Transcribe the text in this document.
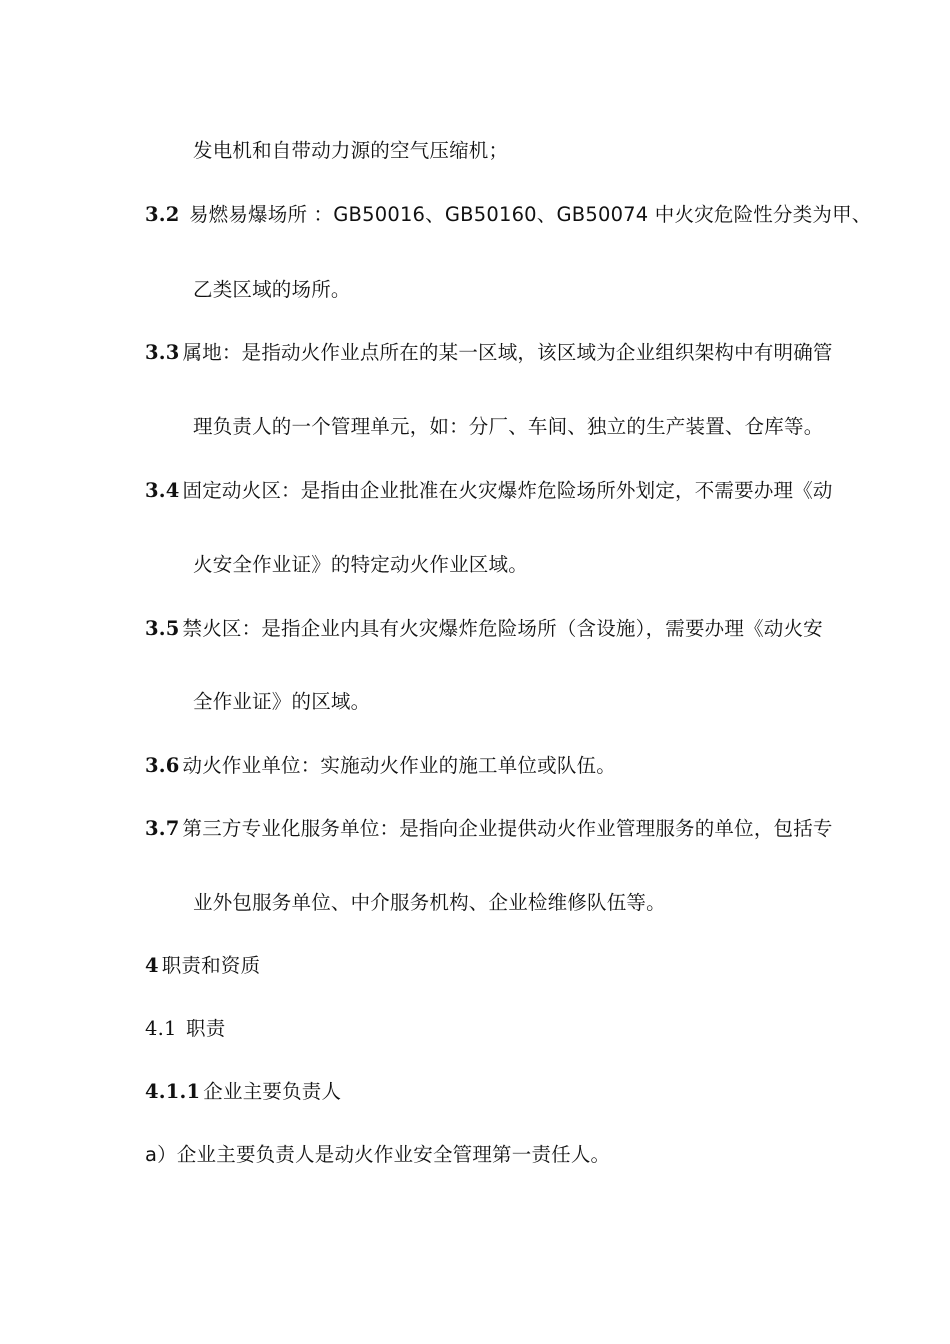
发电机和自带动力源的空气压缩机；
3.2 易燃易爆场所 ：GB50016、GB50160、GB50074 中火灾危险性分类为甲、
乙类区域的场所。
3.3 属地：是指动火作业点所在的某一区域，该区域为企业组织架构中有明确管
理负责人的一个管理单元，如：分厂、车间、独立的生产装置、仓库等。
3.4 固定动火区：是指由企业批准在火灾爆炸危险场所外划定，不需要办理《动
火安全作业证》的特定动火作业区域。
3.5 禁火区：是指企业内具有火灾爆炸危险场所（含设施），需要办理《动火安
全作业证》的区域。
3.6 动火作业单位：实施动火作业的施工单位或队伍。
3.7 第三方专业化服务单位：是指向企业提供动火作业管理服务的单位，包括专
业外包服务单位、中介服务机构、企业检维修队伍等。
4 职责和资质
4.1 职责
4.1.1 企业主要负责人
a）企业主要负责人是动火作业安全管理第一责任人。
